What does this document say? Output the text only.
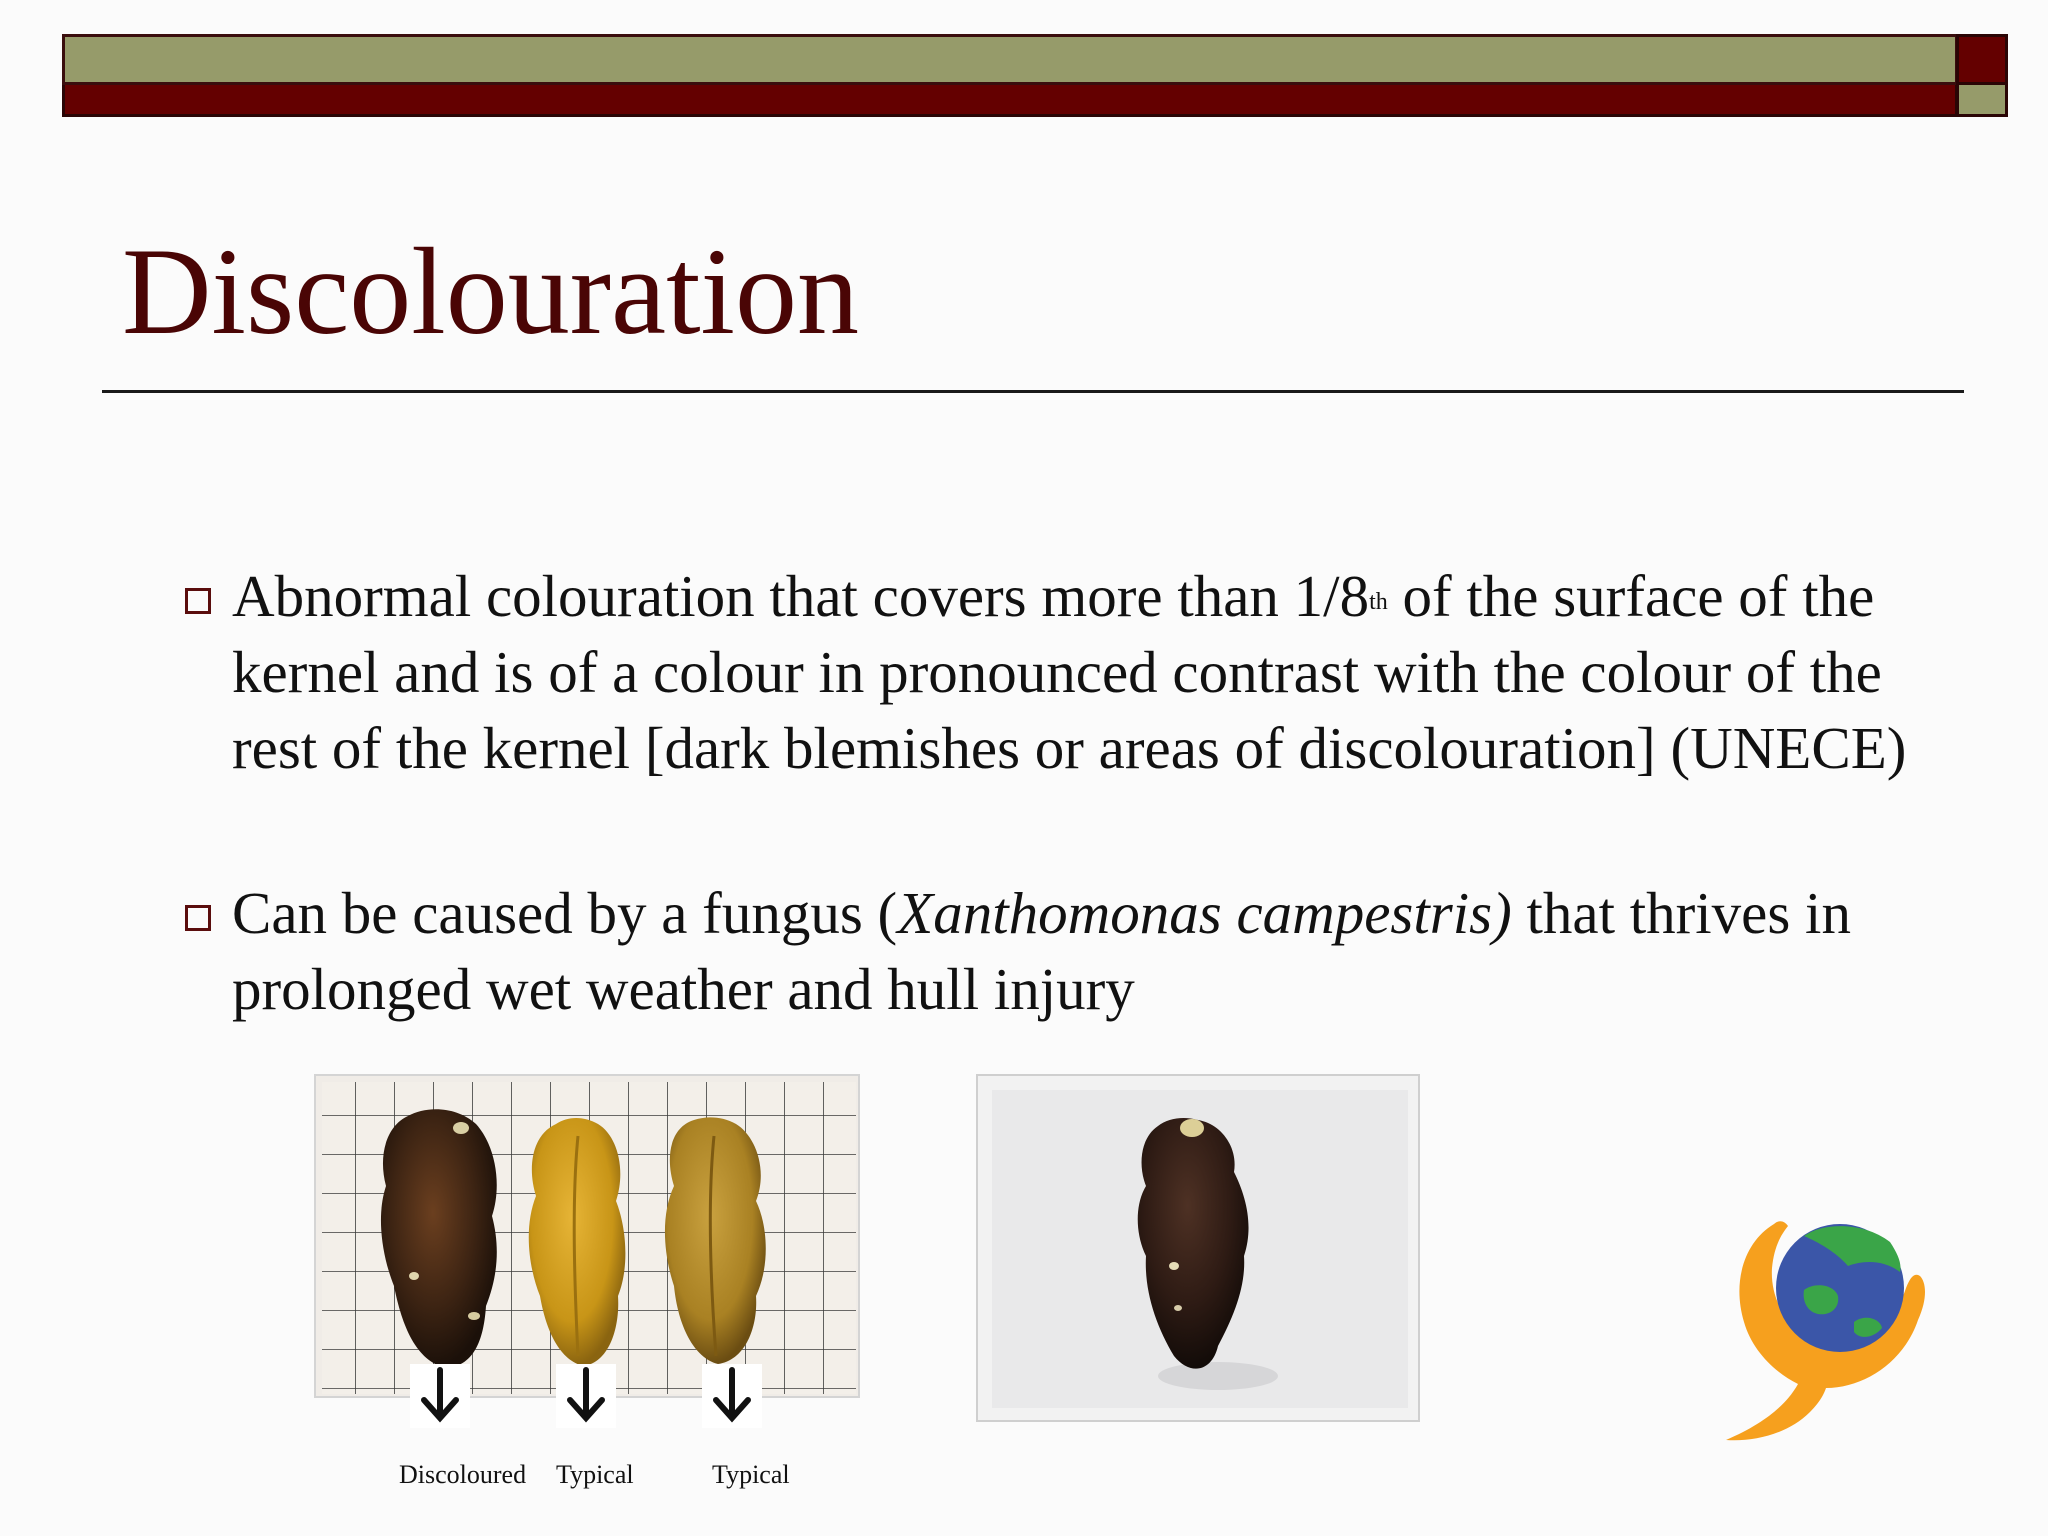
Discolouration
Abnormal colouration that covers more than 1/8th of the surface of the kernel and is of a colour in pronounced contrast with the colour of the rest of the kernel [dark blemishes or areas of discolouration] (UNECE)
Can be caused by a fungus (Xanthomonas campestris) that thrives in prolonged wet weather and hull injury
Discoloured Typical	Typical
